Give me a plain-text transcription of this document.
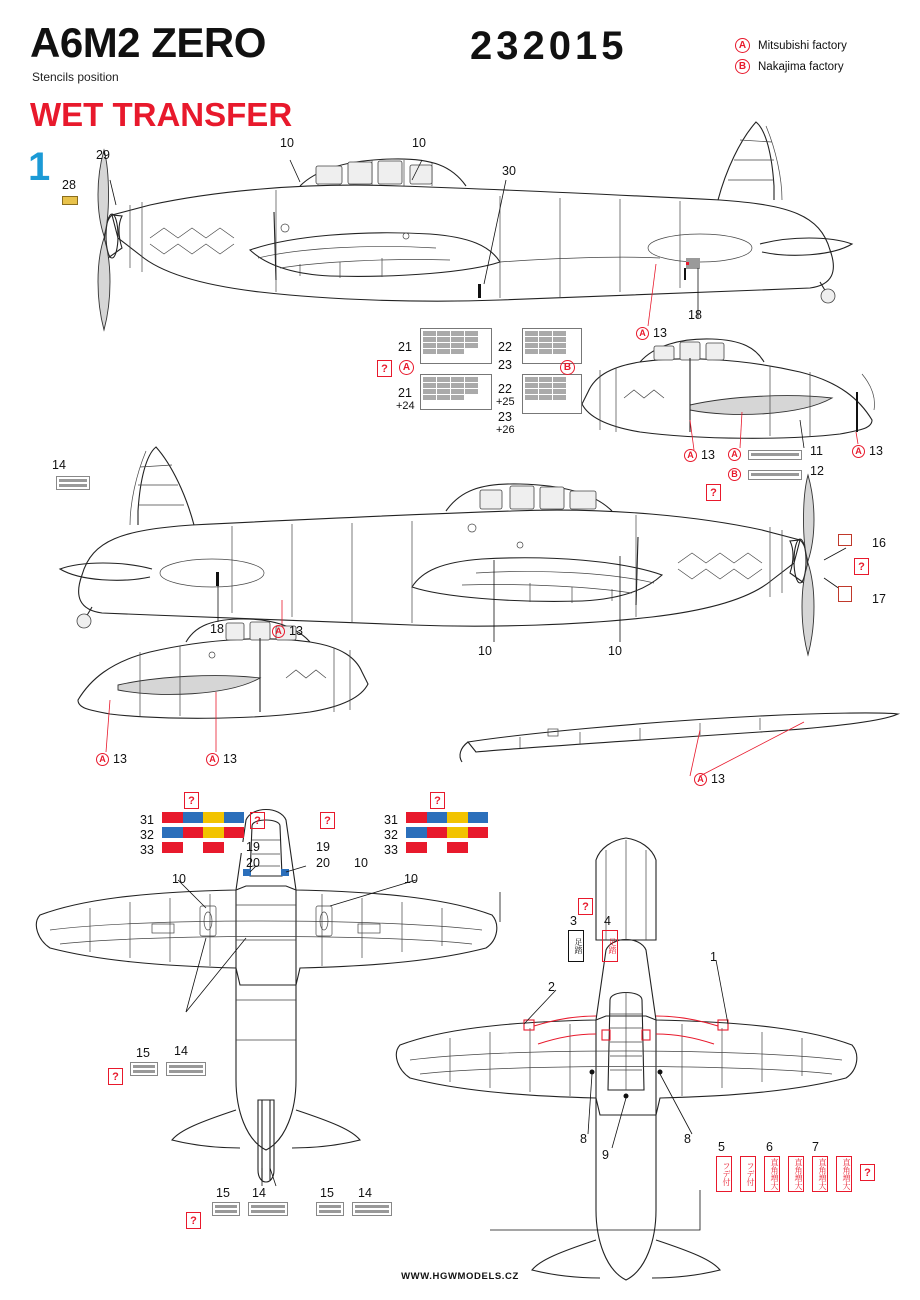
A6M2 ZERO
Stencils position
WET TRANSFER
232015	A	Mitsubishi factory
B	Nakajima factory
1	29
28
10	10
30
18
A 13
21
21
+24
A
?
22
23
22
+25
23
+26
B
A 13	A
B
11
12
A 13
?
14
18	A 13
10	10
16
17
?
A 13	A 13
A 13
?
31
32
33
?
31
32
33
?	?
19
20
19
20 10
10	10
15 14
?
15 14	15 14
?
?
3 4
足踏	足踏
1
2
8	8
9
5	6	7
フデ付	フデ付	直角増大	直角増大	直角増大	直角増大	?
WWW.HGWMODELS.CZ
